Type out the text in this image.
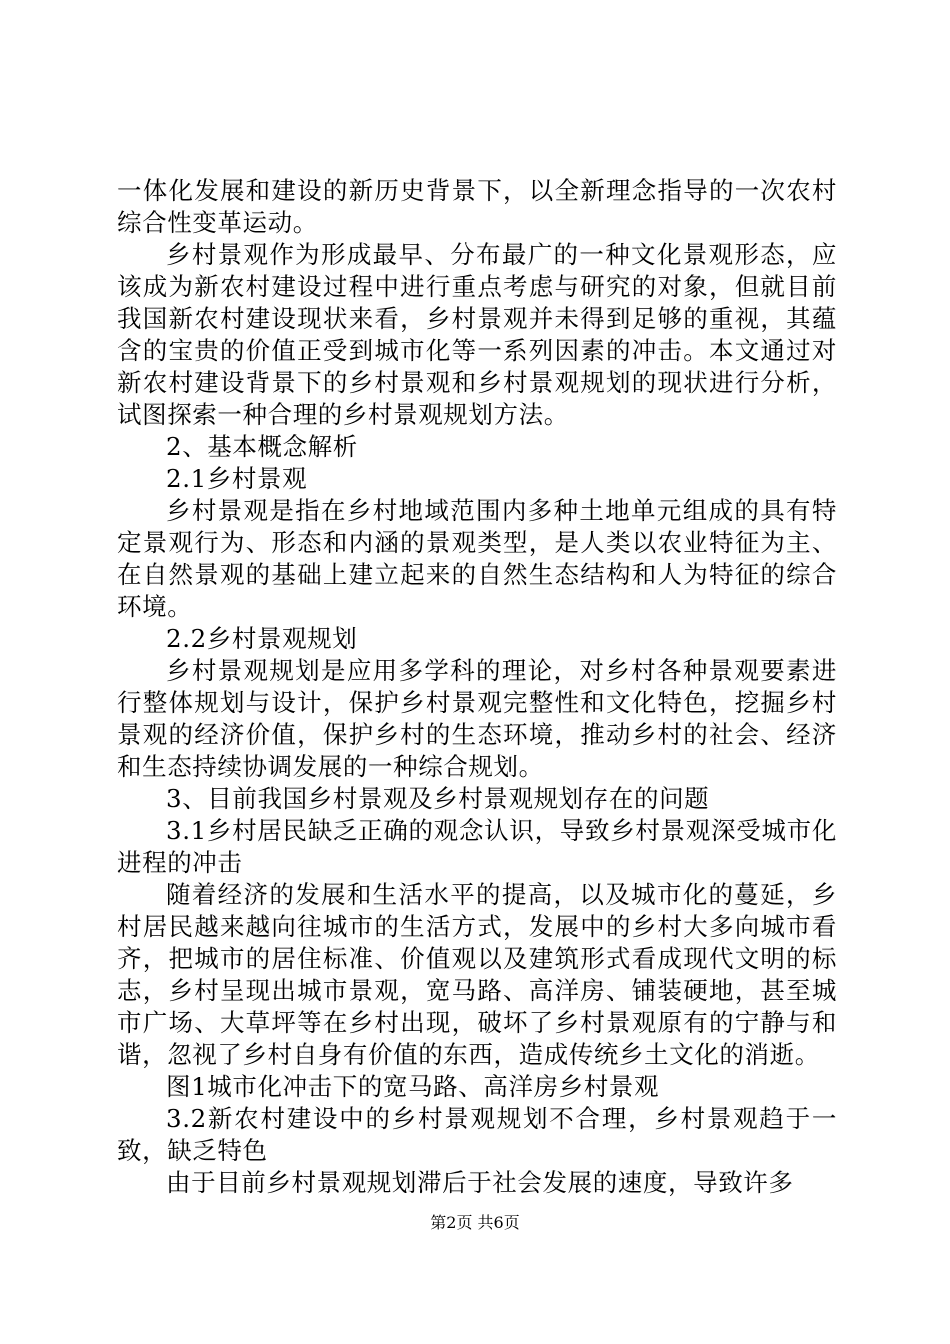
一体化发展和建设的新历史背景下，以全新理念指导的一次农村综合性变革运动。

乡村景观作为形成最早、分布最广的一种文化景观形态，应该成为新农村建设过程中进行重点考虑与研究的对象，但就目前我国新农村建设现状来看，乡村景观并未得到足够的重视，其蕴含的宝贵的价值正受到城市化等一系列因素的冲击。本文通过对新农村建设背景下的乡村景观和乡村景观规划的现状进行分析，试图探索一种合理的乡村景观规划方法。

2、基本概念解析

2.1乡村景观

乡村景观是指在乡村地域范围内多种土地单元组成的具有特定景观行为、形态和内涵的景观类型，是人类以农业特征为主、在自然景观的基础上建立起来的自然生态结构和人为特征的综合环境。

2.2乡村景观规划

乡村景观规划是应用多学科的理论，对乡村各种景观要素进行整体规划与设计，保护乡村景观完整性和文化特色，挖掘乡村景观的经济价值，保护乡村的生态环境，推动乡村的社会、经济和生态持续协调发展的一种综合规划。

3、目前我国乡村景观及乡村景观规划存在的问题

3.1乡村居民缺乏正确的观念认识，导致乡村景观深受城市化进程的冲击

随着经济的发展和生活水平的提高，以及城市化的蔓延，乡村居民越来越向往城市的生活方式，发展中的乡村大多向城市看齐，把城市的居住标准、价值观以及建筑形式看成现代文明的标志，乡村呈现出城市景观，宽马路、高洋房、铺装硬地，甚至城市广场、大草坪等在乡村出现，破坏了乡村景观原有的宁静与和谐，忽视了乡村自身有价值的东西，造成传统乡土文化的消逝。

图1城市化冲击下的宽马路、高洋房乡村景观

3.2新农村建设中的乡村景观规划不合理，乡村景观趋于一致，缺乏特色

由于目前乡村景观规划滞后于社会发展的速度，导致许多

第2页 共6页
